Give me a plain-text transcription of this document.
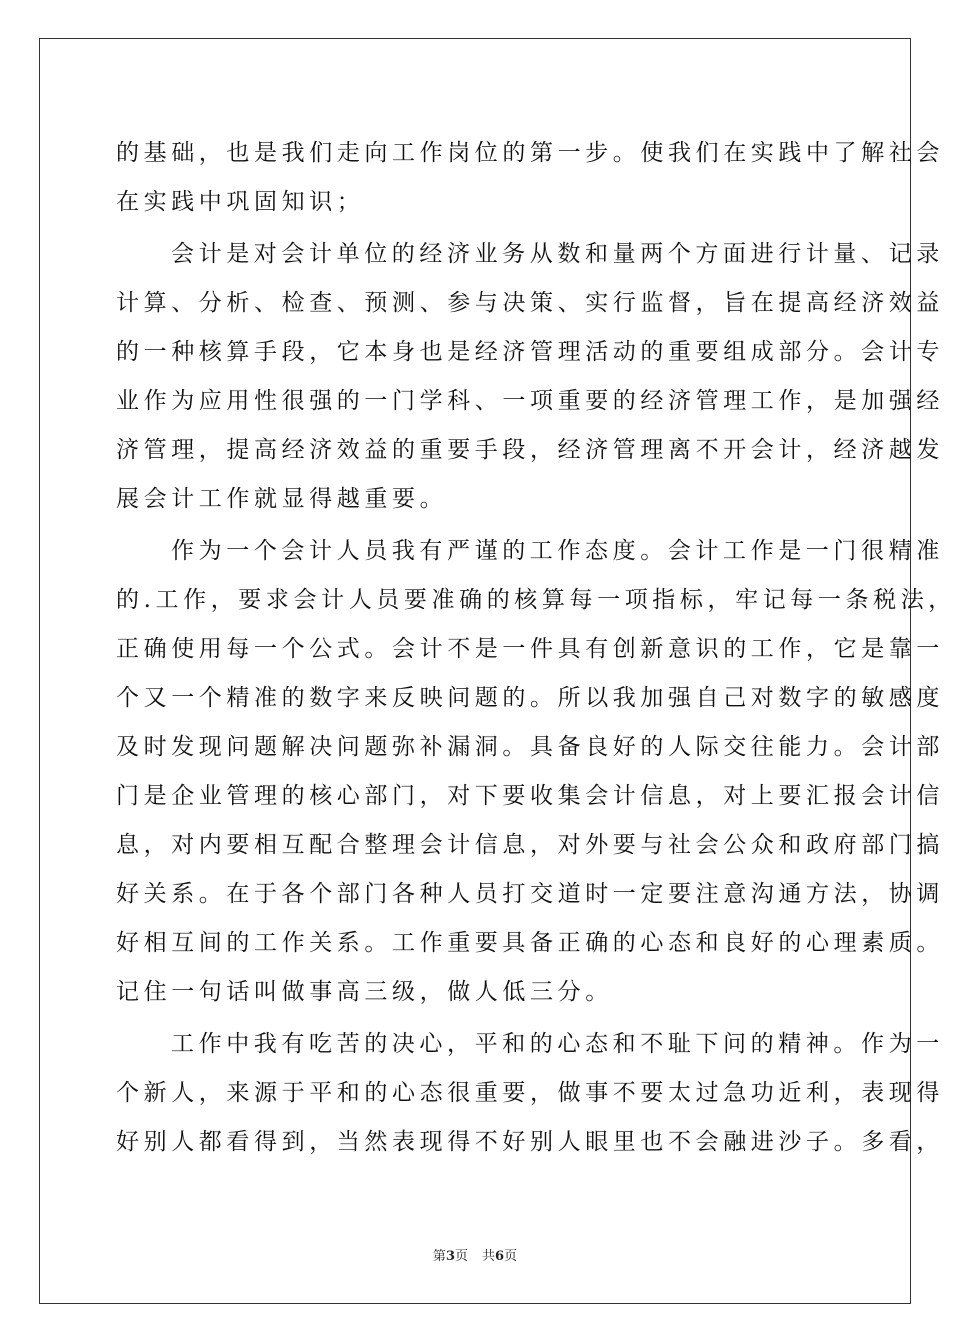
的基础，也是我们走向工作岗位的第一步。使我们在实践中了解社会
在实践中巩固知识；
会计是对会计单位的经济业务从数和量两个方面进行计量、记录
计算、分析、检查、预测、参与决策、实行监督，旨在提高经济效益
的一种核算手段，它本身也是经济管理活动的重要组成部分。会计专
业作为应用性很强的一门学科、一项重要的经济管理工作，是加强经
济管理，提高经济效益的重要手段，经济管理离不开会计，经济越发
展会计工作就显得越重要。
作为一个会计人员我有严谨的工作态度。会计工作是一门很精准
的.工作，要求会计人员要准确的核算每一项指标，牢记每一条税法，
正确使用每一个公式。会计不是一件具有创新意识的工作，它是靠一
个又一个精准的数字来反映问题的。所以我加强自己对数字的敏感度
及时发现问题解决问题弥补漏洞。具备良好的人际交往能力。会计部
门是企业管理的核心部门，对下要收集会计信息，对上要汇报会计信
息，对内要相互配合整理会计信息，对外要与社会公众和政府部门搞
好关系。在于各个部门各种人员打交道时一定要注意沟通方法，协调
好相互间的工作关系。工作重要具备正确的心态和良好的心理素质。
记住一句话叫做事高三级，做人低三分。
工作中我有吃苦的决心，平和的心态和不耻下问的精神。作为一
个新人，来源于平和的心态很重要，做事不要太过急功近利，表现得
好别人都看得到，当然表现得不好别人眼里也不会融进沙子。多看，
第3页 共6页
